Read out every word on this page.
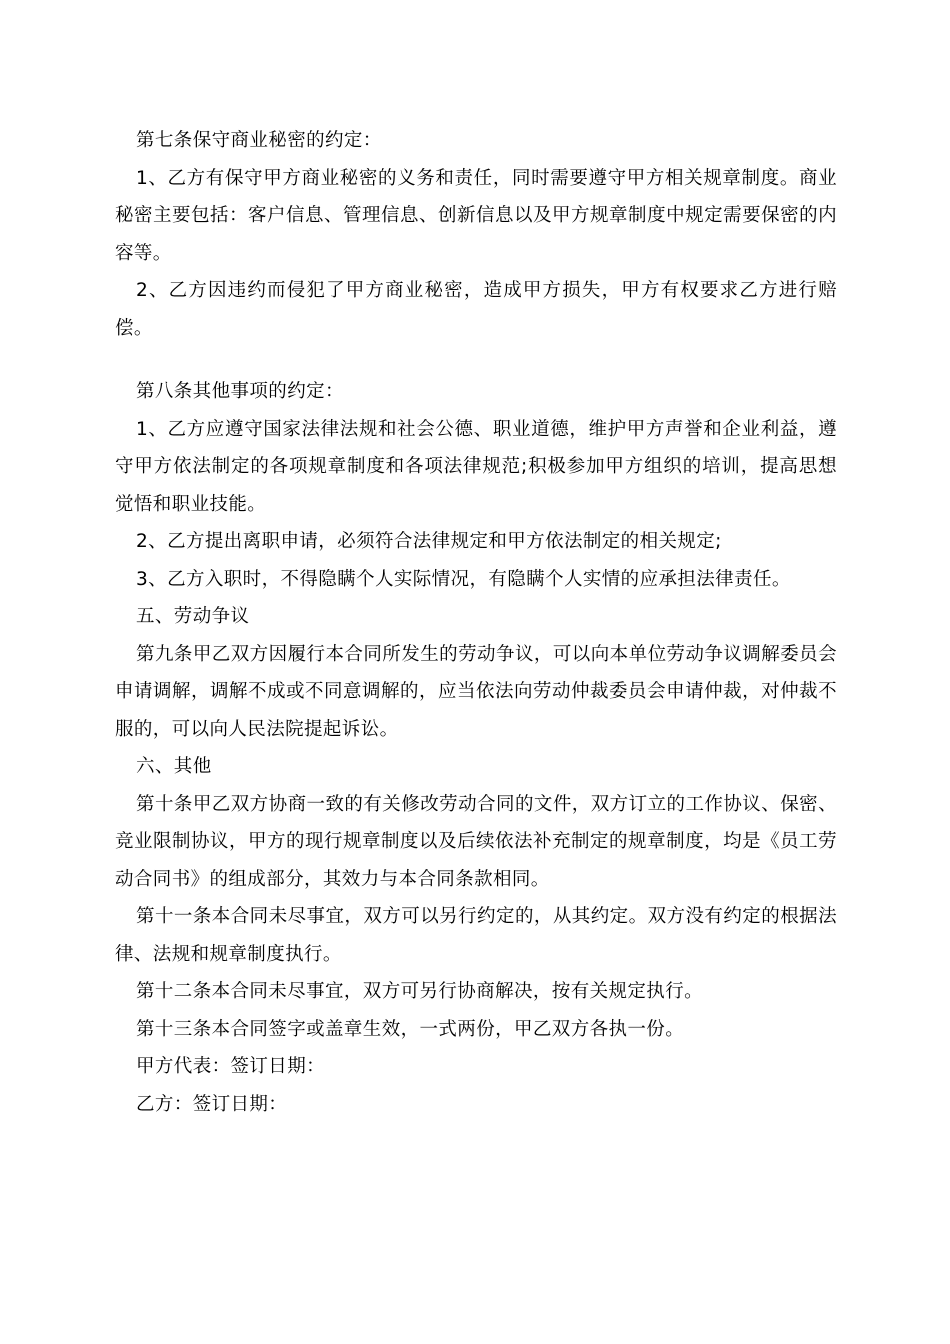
第七条保守商业秘密的约定：

1、乙方有保守甲方商业秘密的义务和责任，同时需要遵守甲方相关规章制度。商业秘密主要包括：客户信息、管理信息、创新信息以及甲方规章制度中规定需要保密的内容等。

2、乙方因违约而侵犯了甲方商业秘密，造成甲方损失，甲方有权要求乙方进行赔偿。

第八条其他事项的约定：

1、乙方应遵守国家法律法规和社会公德、职业道德，维护甲方声誉和企业利益，遵守甲方依法制定的各项规章制度和各项法律规范;积极参加甲方组织的培训，提高思想觉悟和职业技能。

2、乙方提出离职申请，必须符合法律规定和甲方依法制定的相关规定;

3、乙方入职时，不得隐瞒个人实际情况，有隐瞒个人实情的应承担法律责任。

五、劳动争议

第九条甲乙双方因履行本合同所发生的劳动争议，可以向本单位劳动争议调解委员会申请调解，调解不成或不同意调解的，应当依法向劳动仲裁委员会申请仲裁，对仲裁不服的，可以向人民法院提起诉讼。

六、其他

第十条甲乙双方协商一致的有关修改劳动合同的文件，双方订立的工作协议、保密、竞业限制协议，甲方的现行规章制度以及后续依法补充制定的规章制度，均是《员工劳动合同书》的组成部分，其效力与本合同条款相同。

第十一条本合同未尽事宜，双方可以另行约定的，从其约定。双方没有约定的根据法律、法规和规章制度执行。

第十二条本合同未尽事宜，双方可另行协商解决，按有关规定执行。

第十三条本合同签字或盖章生效，一式两份，甲乙双方各执一份。

甲方代表：签订日期：

乙方：签订日期：
